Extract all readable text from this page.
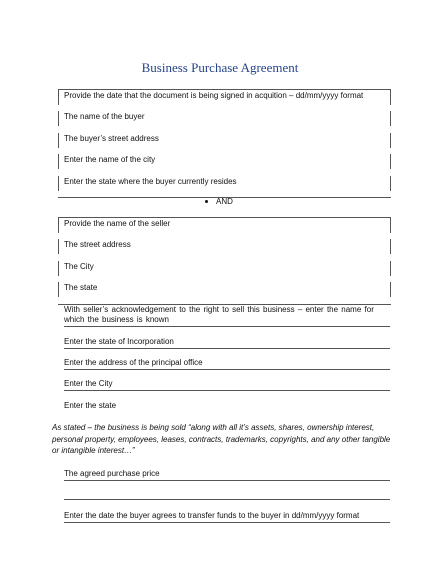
Business Purchase Agreement
Provide the date that the document is being signed in acquition – dd/mm/yyyy format
The name of the buyer
The buyer’s street address
Enter the name of the city
Enter the state where the buyer currently resides
AND
Provide the name of the seller
The street address
The City
The state
With seller’s acknowledgement to the right to sell this business – enter the name for which the business is known
Enter the state of Incorporation
Enter the address of the principal office
Enter the City
Enter the state
As stated – the business is being sold “along with all it’s assets, shares, ownership interest, personal property, employees, leases, contracts, trademarks, copyrights, and any other tangible or intangible interest…”
The agreed purchase price
Enter the date the buyer agrees to transfer funds to the buyer in dd/mm/yyyy format
